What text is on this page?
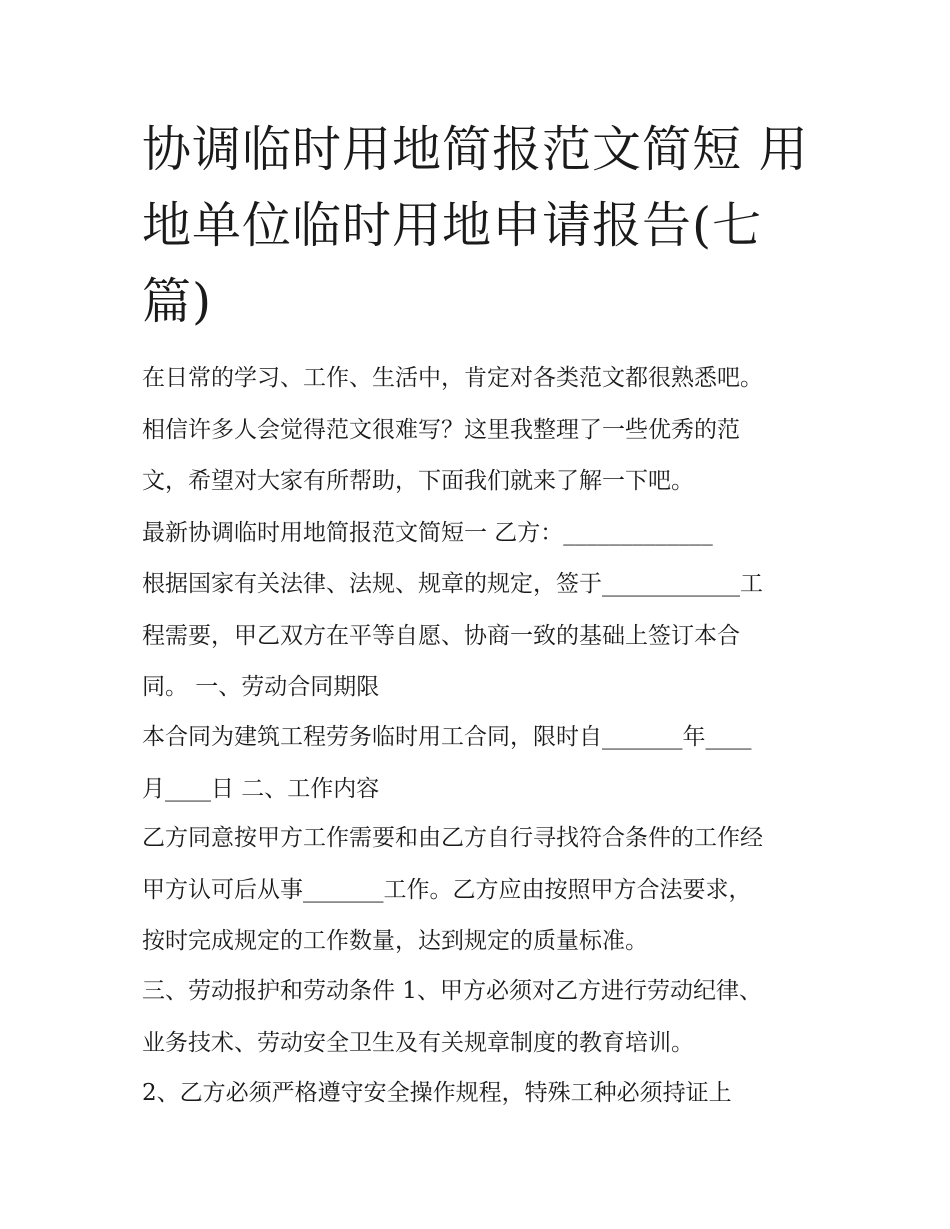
协调临时用地简报范文简短 用
地单位临时用地申请报告(七
篇)
在日常的学习、工作、生活中，肯定对各类范文都很熟悉吧。
相信许多人会觉得范文很难写？这里我整理了一些优秀的范
文，希望对大家有所帮助，下面我们就来了解一下吧。
最新协调临时用地简报范文简短一 乙方：_____________
根据国家有关法律、法规、规章的规定，签于____________工
程需要，甲乙双方在平等自愿、协商一致的基础上签订本合
同。 一、劳动合同期限
本合同为建筑工程劳务临时用工合同，限时自_______年____
月____日 二、工作内容
乙方同意按甲方工作需要和由乙方自行寻找符合条件的工作经
甲方认可后从事_______工作。乙方应由按照甲方合法要求，
按时完成规定的工作数量，达到规定的质量标准。
三、劳动报护和劳动条件 1、甲方必须对乙方进行劳动纪律、
业务技术、劳动安全卫生及有关规章制度的教育培训。
2、乙方必须严格遵守安全操作规程，特殊工种必须持证上
